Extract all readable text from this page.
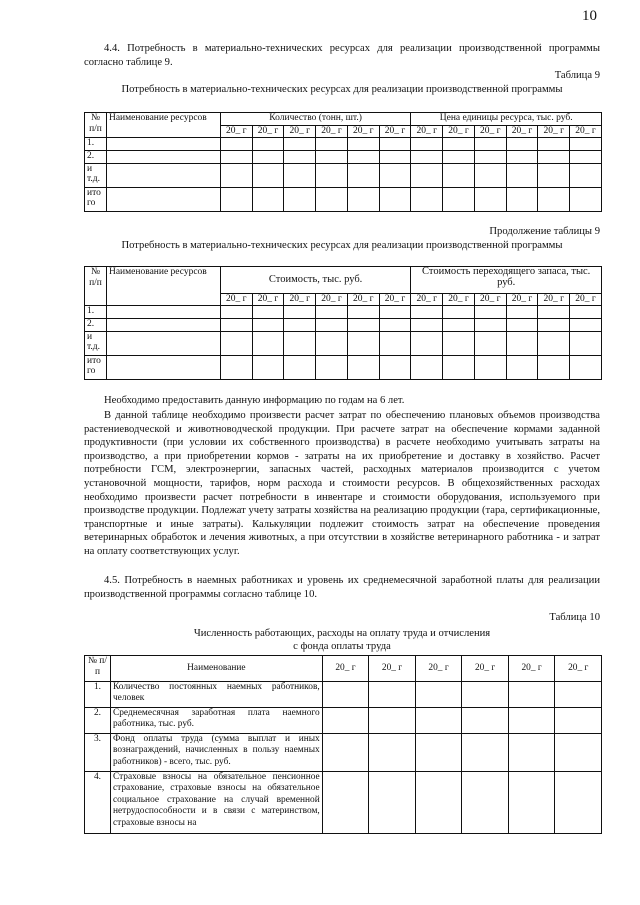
10
4.4. Потребность в материально-технических ресурсах для реализации производственной программы согласно таблице 9.
Таблица 9
Потребность в материально-технических ресурсах для реализации производственной программы
№ п/п	Наименование ресурсов	Количество (тонн, шт.)						Цена единицы ресурса, тыс. руб.					
		20_ г	20_ г	20_ г	20_ г	20_ г	20_ г	20_ г	20_ г	20_ г	20_ г	20_ г	20_ г
1.													
2.													
и т.д.													
ито го													
Продолжение таблицы 9
Потребность в материально-технических ресурсах для реализации производственной программы
№ п/п	Наименование ресурсов	Стоимость, тыс. руб.						Стоимость переходящего запаса, тыс. руб.					
		20_ г	20_ г	20_ г	20_ г	20_ г	20_ г	20_ г	20_ г	20_ г	20_ г	20_ г	20_ г
1.													
2.													
и т.д.													
ито го													
Необходимо предоставить данную информацию по годам на 6 лет.
В данной таблице необходимо произвести расчет затрат по обеспечению плановых объемов производства растениеводческой и животноводческой продукции. При расчете затрат на обеспечение кормами заданной продуктивности (при условии их собственного производства) в расчете необходимо учитывать затраты на производство, а при приобретении кормов - затраты на их приобретение и доставку в хозяйство. Расчет потребности ГСМ, электроэнергии, запасных частей, расходных материалов производится с учетом установочной мощности, тарифов, норм расхода и стоимости ресурсов. В общехозяйственных расходах необходимо произвести расчет потребности в инвентаре и стоимости оборудования, используемого при производстве продукции. Подлежат учету затраты хозяйства на реализацию продукции (тара, сертификационные, транспортные и иные затраты). Калькуляции подлежит стоимость затрат на обеспечение проведения ветеринарных обработок и лечения животных, а при отсутствии в хозяйстве ветеринарного работника - и затрат на оплату соответствующих услуг.
4.5. Потребность в наемных работниках и уровень их среднемесячной заработной платы для реализации производственной программы согласно таблице 10.
Таблица 10
Численность работающих, расходы на оплату труда и отчисления
с фонда оплаты труда
№ п/п	Наименование	20_ г	20_ г	20_ г	20_ г	20_ г	20_ г
1.	Количество постоянных наемных работников, человек						
2.	Среднемесячная заработная плата наемного работника, тыс. руб.						
3.	Фонд оплаты труда (сумма выплат и иных вознаграждений, начисленных в пользу наемных работников) - всего, тыс. руб.						
4.	Страховые взносы на обязательное пенсионное страхование, страховые взносы на обязательное социальное страхование на случай временной нетрудоспособности и в связи с материнством, страховые взносы на						
